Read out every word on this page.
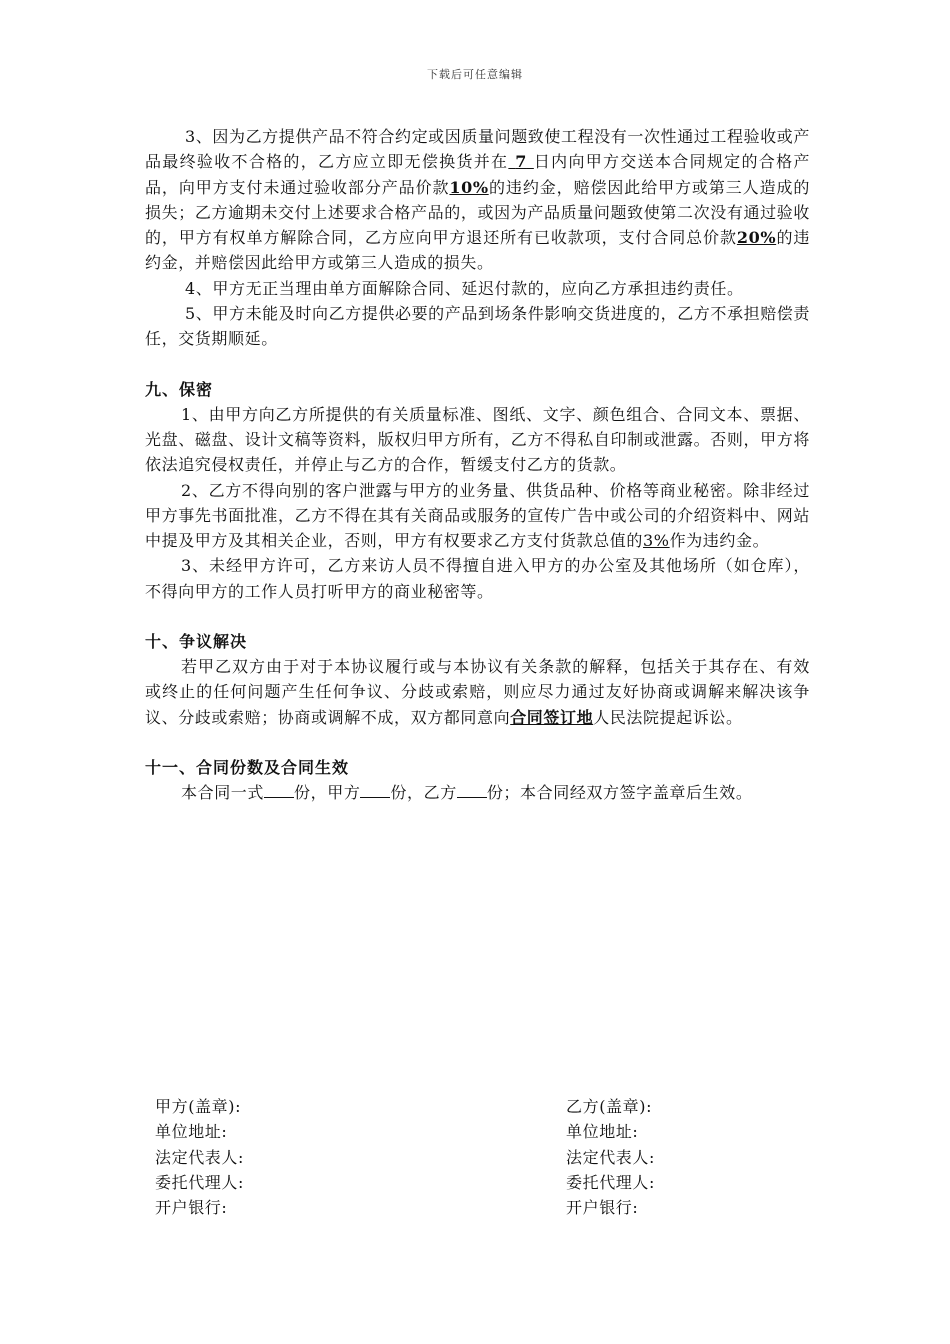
下载后可任意编辑

3、因为乙方提供产品不符合约定或因质量问题致使工程没有一次性通过工程验收或产品最终验收不合格的，乙方应立即无偿换货并在 7 日内向甲方交送本合同规定的合格产品，向甲方支付未通过验收部分产品价款10%的违约金，赔偿因此给甲方或第三人造成的损失；乙方逾期未交付上述要求合格产品的，或因为产品质量问题致使第二次没有通过验收的，甲方有权单方解除合同，乙方应向甲方退还所有已收款项，支付合同总价款20%的违约金，并赔偿因此给甲方或第三人造成的损失。

4、甲方无正当理由单方面解除合同、延迟付款的，应向乙方承担违约责任。

5、甲方未能及时向乙方提供必要的产品到场条件影响交货进度的，乙方不承担赔偿责任，交货期顺延。

九、保密

1、由甲方向乙方所提供的有关质量标准、图纸、文字、颜色组合、合同文本、票据、光盘、磁盘、设计文稿等资料，版权归甲方所有，乙方不得私自印制或泄露。否则，甲方将依法追究侵权责任，并停止与乙方的合作，暂缓支付乙方的货款。

2、乙方不得向别的客户泄露与甲方的业务量、供货品种、价格等商业秘密。除非经过甲方事先书面批准，乙方不得在其有关商品或服务的宣传广告中或公司的介绍资料中、网站中提及甲方及其相关企业，否则，甲方有权要求乙方支付货款总值的3%作为违约金。

3、未经甲方许可，乙方来访人员不得擅自进入甲方的办公室及其他场所（如仓库），不得向甲方的工作人员打听甲方的商业秘密等。

十、争议解决

若甲乙双方由于对于本协议履行或与本协议有关条款的解释，包括关于其存在、有效或终止的任何问题产生任何争议、分歧或索赔，则应尽力通过友好协商或调解来解决该争议、分歧或索赔；协商或调解不成，双方都同意向合同签订地人民法院提起诉讼。

十一、合同份数及合同生效

本合同一式 份，甲方 份，乙方 份；本合同经双方签字盖章后生效。

甲方(盖章):
单位地址:
法定代表人:
委托代理人:
开户银行:
乙方(盖章):
单位地址:
法定代表人:
委托代理人:
开户银行:
